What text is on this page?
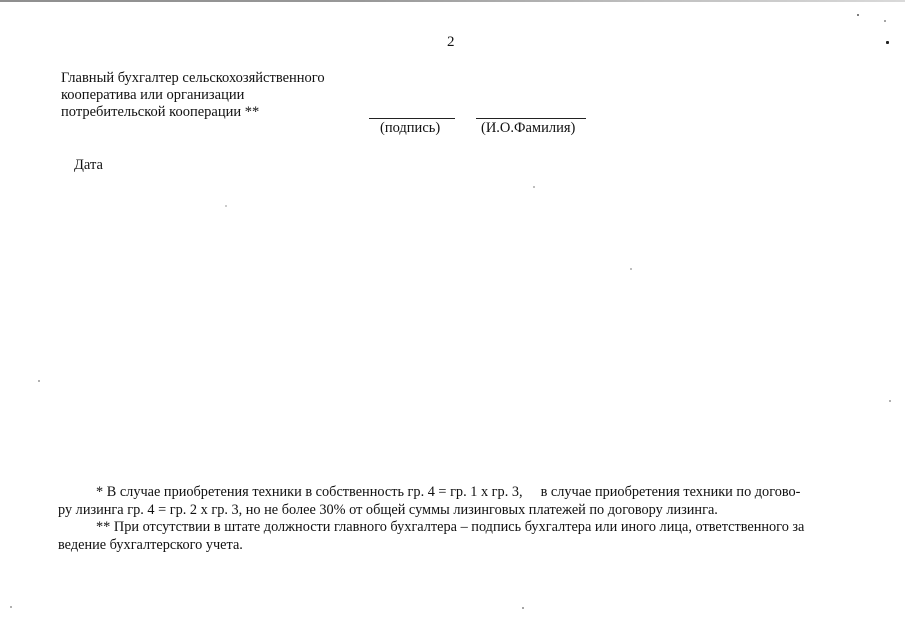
2
Главный бухгалтер сельскохозяйственного
кооператива или организации
потребительской кооперации **
(подпись)	(И.О.Фамилия)
Дата
* В случае приобретения техники в собственность гр. 4 = гр. 1 х гр. 3, в случае приобретения техники по догово-
ру лизинга гр. 4 = гр. 2 х гр. 3, но не более 30% от общей суммы лизинговых платежей по договору лизинга.
** При отсутствии в штате должности главного бухгалтера – подпись бухгалтера или иного лица, ответственного за
ведение бухгалтерского учета.
